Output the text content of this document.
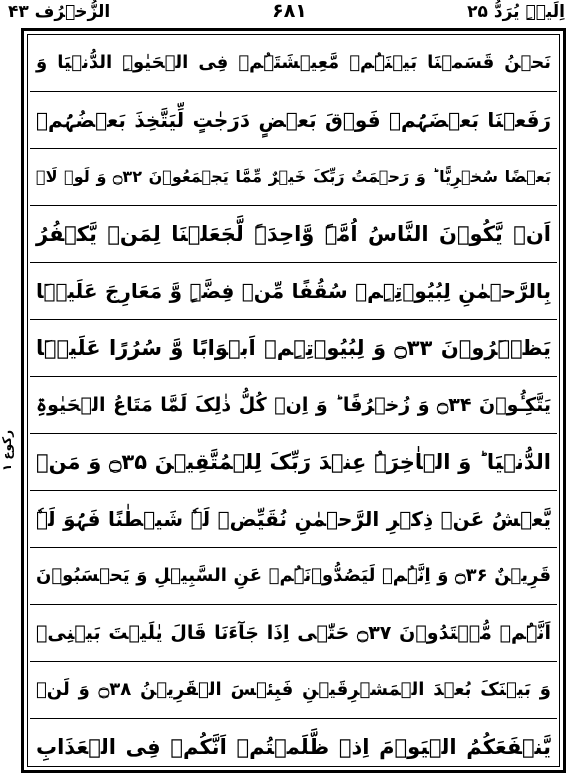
الزُّخۡرُف ۴۳	۶۸۱	اِلَیۡہِ یُرَدُّ ۲۵
رکوع ۱
نَحۡنُ قَسَمۡنَا بَیۡنَہُمۡ مَّعِیۡشَتَہُمۡ فِی الۡحَیٰوۃِ الدُّنۡیَا وَ
رَفَعۡنَا بَعۡضَہُمۡ فَوۡقَ بَعۡضٍ دَرَجٰتٍ لِّیَتَّخِذَ بَعۡضُہُمۡ
بَعۡضًا سُخۡرِیًّا ؕ وَ رَحۡمَتُ رَبِّکَ خَیۡرٌ مِّمَّا یَجۡمَعُوۡنَ ۝۳۲ وَ لَوۡ لَاۤ
اَنۡ یَّکُوۡنَ النَّاسُ اُمَّۃً وَّاحِدَۃً لَّجَعَلۡنَا لِمَنۡ یَّکۡفُرُ
بِالرَّحۡمٰنِ لِبُیُوۡتِہِمۡ سُقُفًا مِّنۡ فِضَّۃٍ وَّ مَعَارِجَ عَلَیۡہَا
یَظۡہَرُوۡنَ ۝۳۳ وَ لِبُیُوۡتِہِمۡ اَبۡوَابًا وَّ سُرُرًا عَلَیۡہَا
یَتَّکِـُٔوۡنَ ۝۳۴ وَ زُخۡرُفًا ؕ وَ اِنۡ کُلُّ ذٰلِکَ لَمَّا مَتَاعُ الۡحَیٰوۃِ
الدُّنۡیَا ؕ وَ الۡاٰخِرَۃُ عِنۡدَ رَبِّکَ لِلۡمُتَّقِیۡنَ ۝۳۵ وَ مَنۡ
یَّعۡشُ عَنۡ ذِکۡرِ الرَّحۡمٰنِ نُقَیِّضۡ لَہٗ شَیۡطٰنًا فَہُوَ لَہٗ
قَرِیۡنٌ ۝۳۶ وَ اِنَّہُمۡ لَیَصُدُّوۡنَہُمۡ عَنِ السَّبِیۡلِ وَ یَحۡسَبُوۡنَ
اَنَّہُمۡ مُّہۡتَدُوۡنَ ۝۳۷ حَتّٰۤی اِذَا جَآءَنَا قَالَ یٰلَیۡتَ بَیۡنِیۡ
وَ بَیۡنَکَ بُعۡدَ الۡمَشۡرِقَیۡنِ فَبِئۡسَ الۡقَرِیۡنُ ۝۳۸ وَ لَنۡ
یَّنۡفَعَکُمُ الۡیَوۡمَ اِذۡ ظَّلَمۡتُمۡ اَنَّکُمۡ فِی الۡعَذَابِ
